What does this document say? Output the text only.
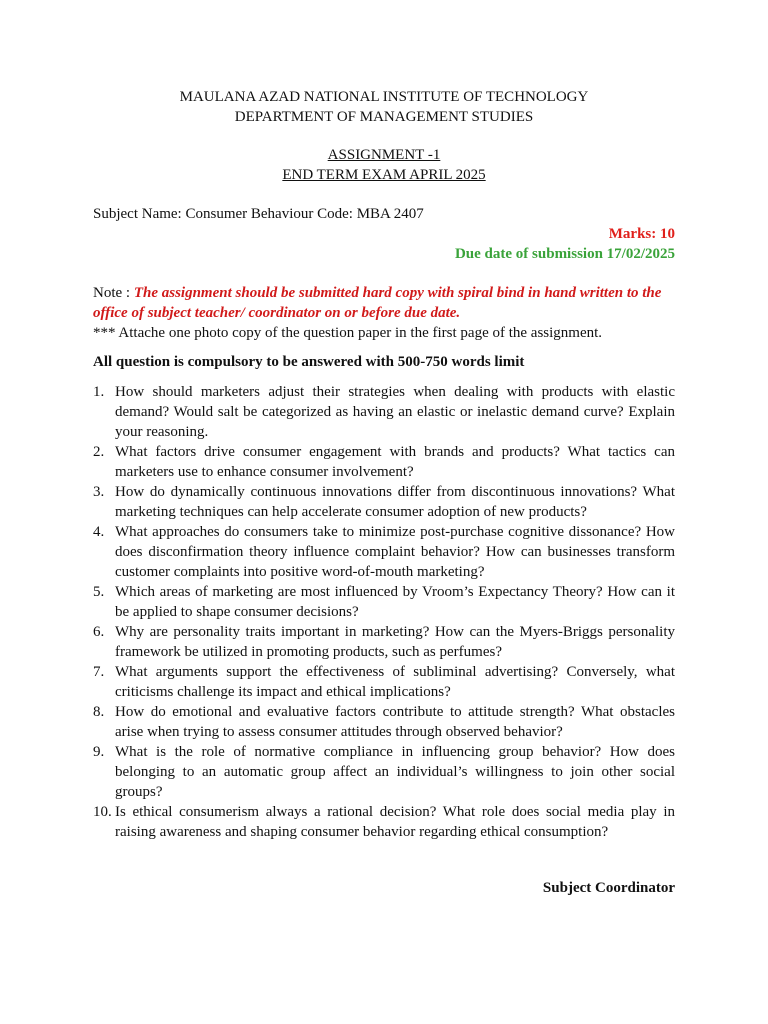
MAULANA AZAD NATIONAL INSTITUTE OF TECHNOLOGY
DEPARTMENT OF MANAGEMENT STUDIES
ASSIGNMENT -1
END TERM EXAM APRIL 2025
Subject Name: Consumer Behaviour Code: MBA 2407
Marks: 10
Due date of submission 17/02/2025
Note : The assignment should be submitted hard copy with spiral bind in hand written to the office of subject teacher/ coordinator on or before due date.
*** Attache one photo copy of the question paper in the first page of the assignment.
All question is compulsory to be answered with 500-750 words limit
1. How should marketers adjust their strategies when dealing with products with elastic demand? Would salt be categorized as having an elastic or inelastic demand curve? Explain your reasoning.
2. What factors drive consumer engagement with brands and products? What tactics can marketers use to enhance consumer involvement?
3. How do dynamically continuous innovations differ from discontinuous innovations? What marketing techniques can help accelerate consumer adoption of new products?
4. What approaches do consumers take to minimize post-purchase cognitive dissonance? How does disconfirmation theory influence complaint behavior? How can businesses transform customer complaints into positive word-of-mouth marketing?
5. Which areas of marketing are most influenced by Vroom’s Expectancy Theory? How can it be applied to shape consumer decisions?
6. Why are personality traits important in marketing? How can the Myers-Briggs personality framework be utilized in promoting products, such as perfumes?
7. What arguments support the effectiveness of subliminal advertising? Conversely, what criticisms challenge its impact and ethical implications?
8. How do emotional and evaluative factors contribute to attitude strength? What obstacles arise when trying to assess consumer attitudes through observed behavior?
9. What is the role of normative compliance in influencing group behavior? How does belonging to an automatic group affect an individual’s willingness to join other social groups?
10. Is ethical consumerism always a rational decision? What role does social media play in raising awareness and shaping consumer behavior regarding ethical consumption?
Subject Coordinator
